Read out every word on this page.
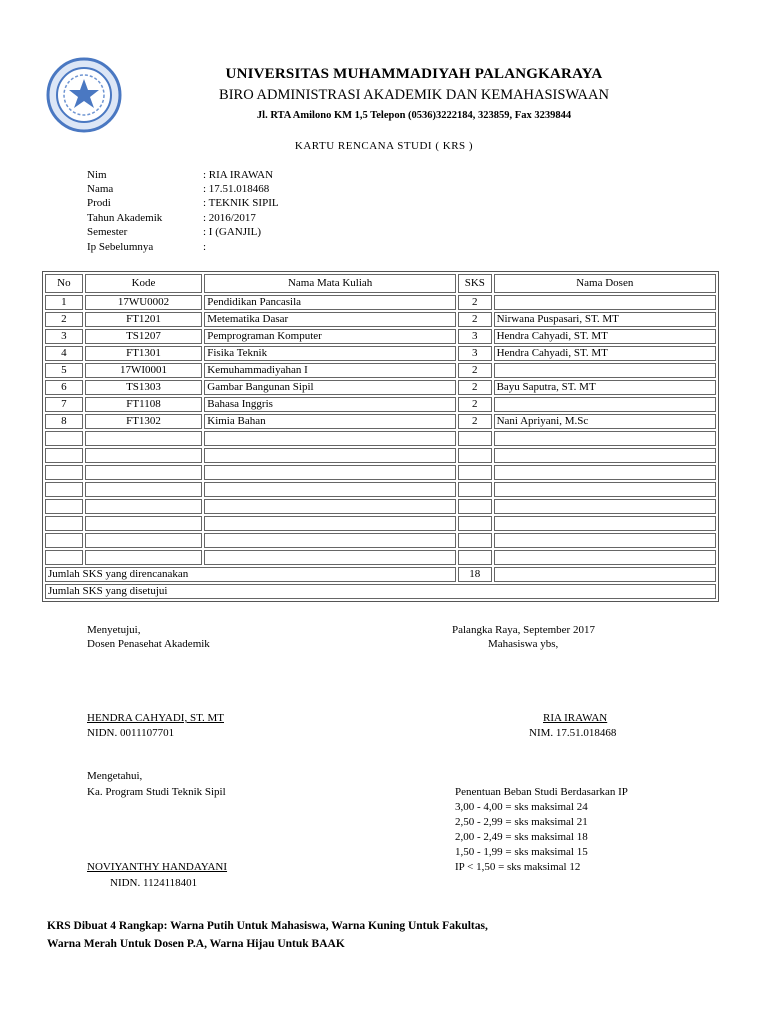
UNIVERSITAS MUHAMMADIYAH PALANGKARAYA
BIRO ADMINISTRASI AKADEMIK DAN KEMAHASISWAAN
Jl. RTA Amilono KM 1,5 Telepon (0536)3222184, 323859, Fax 3239844
KARTU RENCANA STUDI ( KRS )
Nim	: RIA IRAWAN
Nama	: 17.51.018468
Prodi	: TEKNIK SIPIL
Tahun Akademik	: 2016/2017
Semester	: I (GANJIL)
Ip Sebelumnya	:
No	Kode	Nama Mata Kuliah	SKS	Nama Dosen
1	17WU0002	Pendidikan Pancasila	2	
2	FT1201	Metematika Dasar	2	Nirwana Puspasari, ST. MT
3	TS1207	Pemprograman Komputer	3	Hendra Cahyadi, ST. MT
4	FT1301	Fisika Teknik	3	Hendra Cahyadi, ST. MT
5	17WI0001	Kemuhammadiyahan I	2	
6	TS1303	Gambar Bangunan Sipil	2	Bayu Saputra, ST. MT
7	FT1108	Bahasa Inggris	2	
8	FT1302	Kimia Bahan	2	Nani Apriyani, M.Sc

Jumlah SKS yang direncanakan			18	
Jumlah SKS yang disetujui				
Menyetujui,
Dosen Penasehat Akademik
Palangka Raya, September 2017
Mahasiswa ybs,
HENDRA CAHYADI, ST. MT
NIDN. 0011107701
RIA IRAWAN
NIM. 17.51.018468
Mengetahui,
Ka. Program Studi Teknik Sipil
NOVIYANTHY HANDAYANI
NIDN. 1124118401
Penentuan Beban Studi Berdasarkan IP
3,00 - 4,00 = sks maksimal 24
2,50 - 2,99 = sks maksimal 21
2,00 - 2,49 = sks maksimal 18
1,50 - 1,99 = sks maksimal 15
IP < 1,50 = sks maksimal 12
KRS Dibuat 4 Rangkap: Warna Putih Untuk Mahasiswa, Warna Kuning Untuk Fakultas,
Warna Merah Untuk Dosen P.A, Warna Hijau Untuk BAAK
